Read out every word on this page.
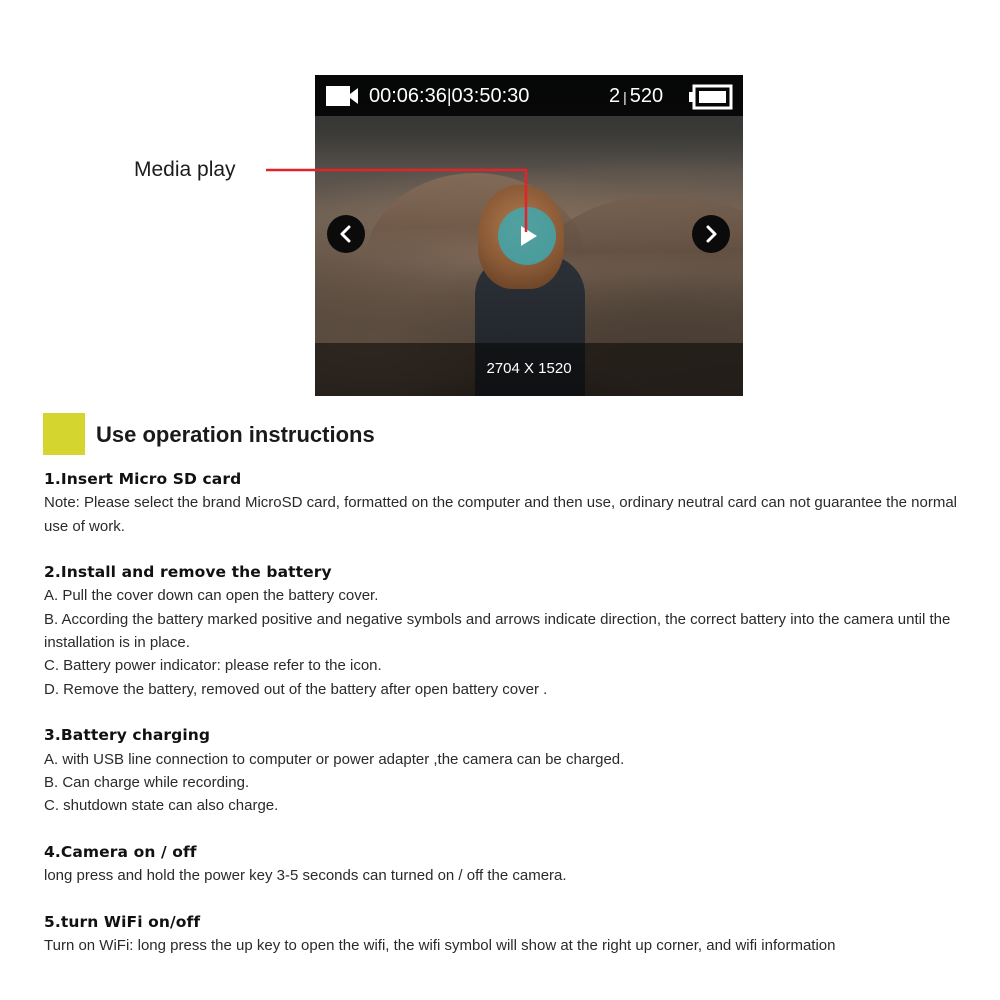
00:06:36|03:50:30	2 | 520
2704 X 1520
Media play
Use operation instructions
1.Insert Micro SD card

Note: Please select the brand MicroSD card, formatted on the computer and then use, ordinary neutral card can not guarantee the normal use of work.

2.Install and remove the battery

A. Pull the cover down can open the battery cover.

B. According the battery marked positive and negative symbols and arrows indicate direction, the correct battery into the camera until the installation is in place.

C. Battery power indicator: please refer to the icon.

D. Remove the battery, removed out of the battery after open battery cover .

3.Battery charging

A. with USB line connection to computer or power adapter ,the camera can be charged.

B. Can charge while recording.

C. shutdown state can also charge.

4.Camera on / off

long press and hold the power key 3-5 seconds can turned on / off the camera.

5.turn WiFi on/off

Turn on WiFi: long press the up key to open the wifi, the wifi symbol will show at the right up corner, and wifi information
